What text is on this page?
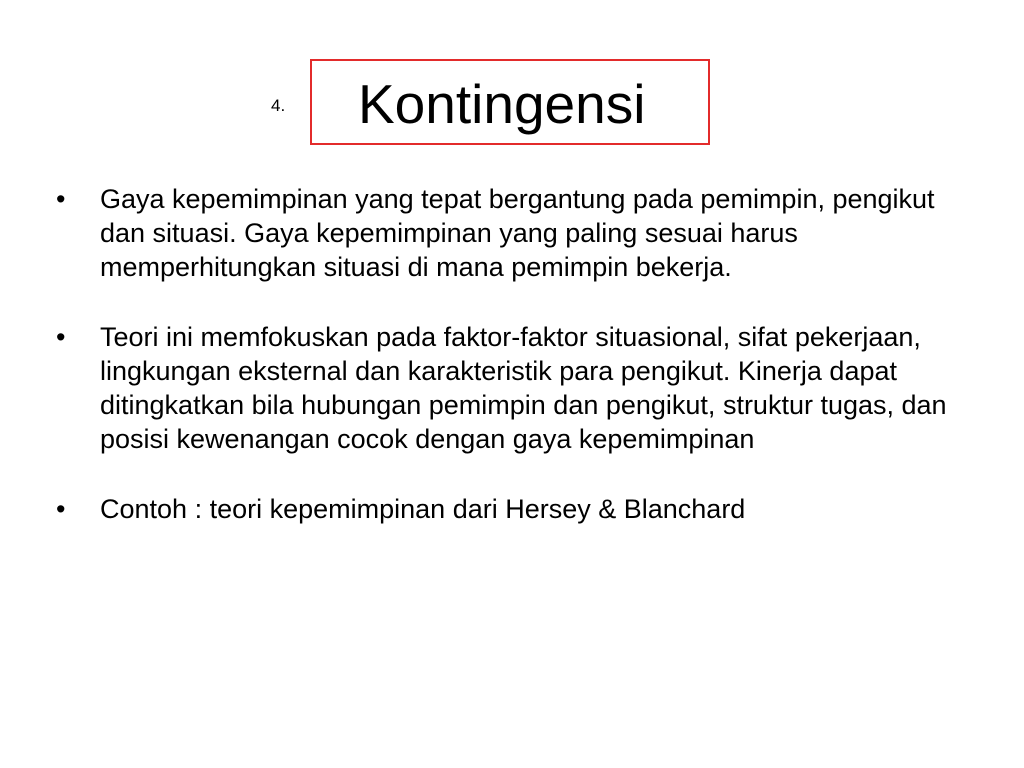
4. Kontingensi
• Gaya kepemimpinan yang tepat bergantung pada pemimpin, pengikut dan situasi. Gaya kepemimpinan yang paling sesuai harus memperhitungkan situasi di mana pemimpin bekerja.
• Teori ini memfokuskan pada faktor-faktor situasional, sifat pekerjaan, lingkungan eksternal dan karakteristik para pengikut. Kinerja dapat ditingkatkan bila hubungan pemimpin dan pengikut, struktur tugas, dan posisi kewenangan cocok dengan gaya kepemimpinan
• Contoh : teori kepemimpinan dari Hersey & Blanchard
